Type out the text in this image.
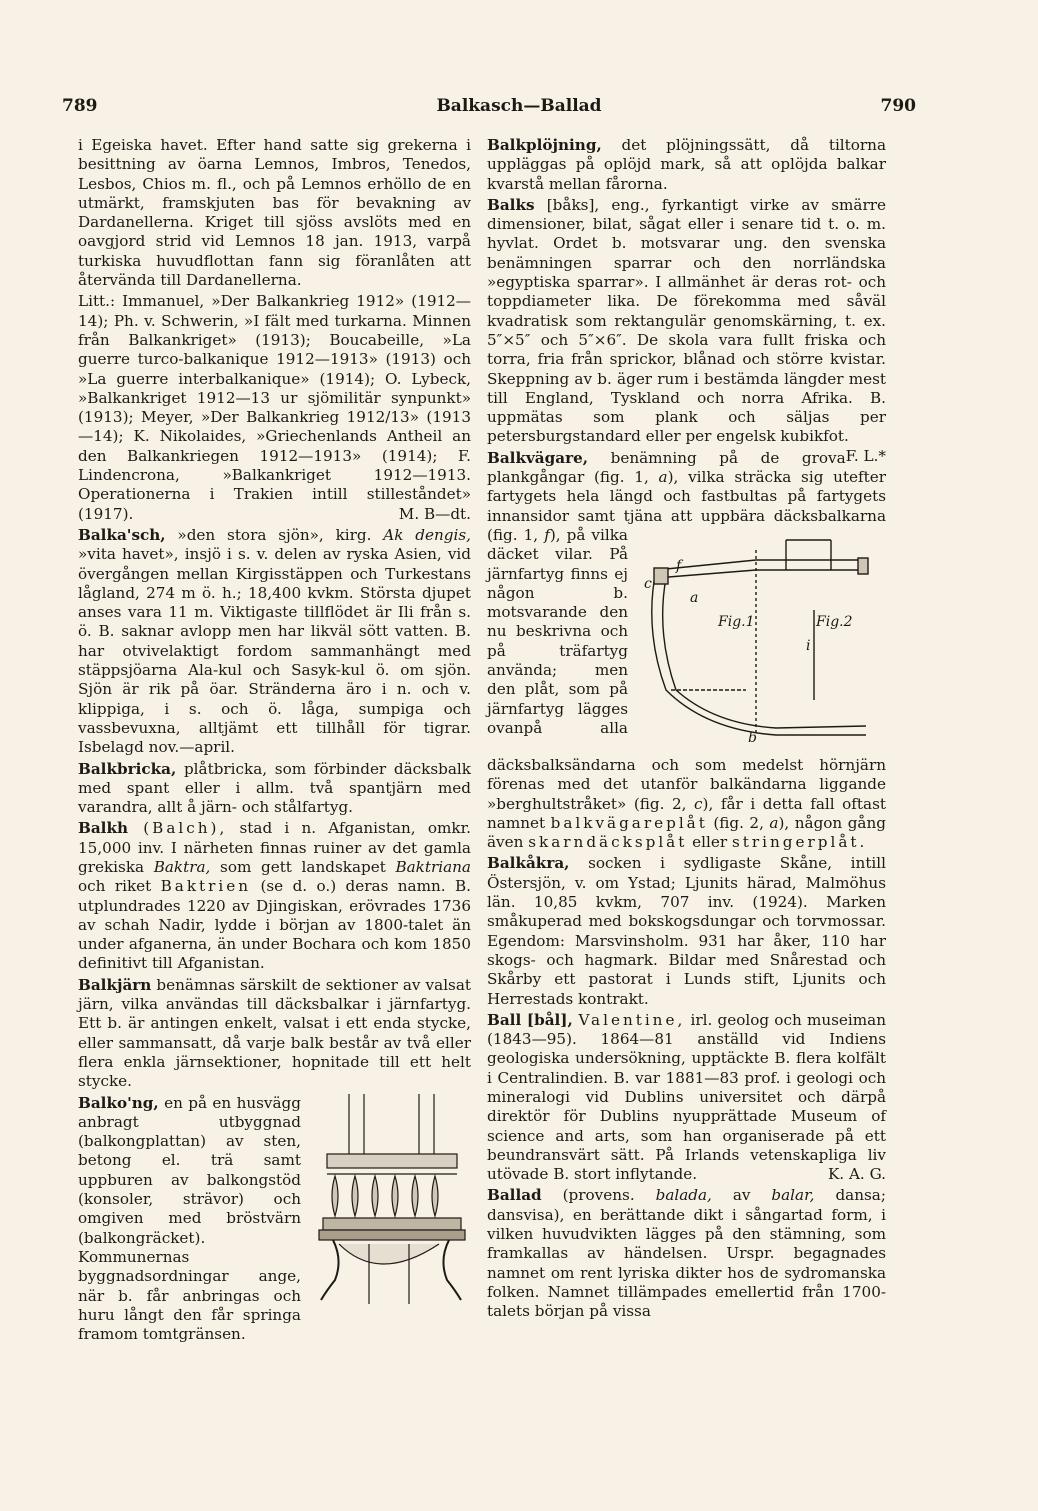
789	Balkasch—Ballad	790

i Egeiska havet. Efter hand satte sig grekerna i besittning av öarna Lemnos, Imbros, Tenedos, Lesbos, Chios m. fl., och på Lemnos erhöllo de en utmärkt, framskjuten bas för bevakning av Dardanellerna. Kriget till sjöss avslöts med en oavgjord strid vid Lemnos 18 jan. 1913, varpå turkiska huvudflottan fann sig föranlåten att återvända till Dardanellerna.

Litt.: Immanuel, »Der Balkankrieg 1912» (1912—14); Ph. v. Schwerin, »I fält med turkarna. Minnen från Balkankriget» (1913); Boucabeille, »La guerre turco-balkanique 1912—1913» (1913) och »La guerre interbalkanique» (1914); O. Lybeck, »Balkankriget 1912—13 ur sjömilitär synpunkt» (1913); Meyer, »Der Balkankrieg 1912/13» (1913—14); K. Nikolaides, »Griechenlands Antheil an den Balkankriegen 1912—1913» (1914); F. Lindencrona, »Balkankriget 1912—1913. Operationerna i Trakien intill stilleståndet» (1917).	M. B—dt.

Balka'sch, »den stora sjön», kirg. Ak dengis, »vita havet», insjö i s. v. delen av ryska Asien, vid övergången mellan Kirgisstäppen och Turkestans lågland, 274 m ö. h.; 18,400 kvkm. Största djupet anses vara 11 m. Viktigaste tillflödet är Ili från s. ö. B. saknar avlopp men har likväl sött vatten. B. har otvivelaktigt fordom sammanhängt med stäppsjöarna Ala-kul och Sasyk-kul ö. om sjön. Sjön är rik på öar. Stränderna äro i n. och v. klippiga, i s. och ö. låga, sumpiga och vassbevuxna, alltjämt ett tillhåll för tigrar. Isbelagd nov.—april.

Balkbricka, plåtbricka, som förbinder däcksbalk med spant eller i allm. två spantjärn med varandra, allt å järn- och stålfartyg.

Balkh (Balch), stad i n. Afganistan, omkr. 15,000 inv. I närheten finnas ruiner av det gamla grekiska Baktra, som gett landskapet Baktriana och riket Baktrien (se d. o.) deras namn. B. utplundrades 1220 av Djingiskan, erövrades 1736 av schah Nadir, lydde i början av 1800-talet än under afganerna, än under Bochara och kom 1850 definitivt till Afganistan.

Balkjärn benämnas särskilt de sektioner av valsat järn, vilka användas till däcksbalkar i järnfartyg. Ett b. är antingen enkelt, valsat i ett enda stycke, eller sammansatt, då varje balk består av två eller flera enkla järnsektioner, hopnitade till ett helt stycke.

Balko'ng, en på en husvägg anbragt utbyggnad (balkongplattan) av sten, betong el. trä samt uppburen av balkongstöd (konsoler, strävor) och omgiven med bröstvärn (balkongräcket). Kommunernas byggnadsordningar ange, när b. får anbringas och huru långt den får springa framom tomtgränsen.

Balkplöjning, det plöjningssätt, då tiltorna uppläggas på oplöjd mark, så att oplöjda balkar kvarstå mellan fårorna.

Balks [båks], eng., fyrkantigt virke av smärre dimensioner, bilat, sågat eller i senare tid t. o. m. hyvlat. Ordet b. motsvarar ung. den svenska benämningen sparrar och den norrländska »egyptiska sparrar». I allmänhet är deras rot- och toppdiameter lika. De förekomma med såväl kvadratisk som rektangulär genomskärning, t. ex. 5″×5″ och 5″×6″. De skola vara fullt friska och torra, fria från sprickor, blånad och större kvistar. Skeppning av b. äger rum i bestämda längder mest till England, Tyskland och norra Afrika. B. uppmätas som plank och säljas per petersburgstandard eller per engelsk kubikfot.
F. L.*

Balkvägare, benämning på de grova plankgångar (fig. 1, a), vilka sträcka sig utefter fartygets hela längd och fastbultas på fartygets innansidor samt tjäna att uppbära däcksbalkarna (fig. 1,
Fig.1	Fig.2
a
c
f
i
b
f), på vilka däcket vilar. På järnfartyg finns ej någon b. motsvarande den nu beskrivna och på träfartyg använda; men den plåt, som på järnfartyg lägges ovanpå alla däcksbalksändarna och som medelst hörnjärn förenas med det utanför balkändarna liggande »berghultstråket» (fig. 2, c), får i detta fall oftast namnet balkvägareplåt (fig. 2, a), någon gång även skarndäcksplåt eller stringerplåt.

Balkåkra, socken i sydligaste Skåne, intill Östersjön, v. om Ystad; Ljunits härad, Malmöhus län. 10,85 kvkm, 707 inv. (1924). Marken småkuperad med bokskogsdungar och torvmossar. Egendom: Marsvinsholm. 931 har åker, 110 har skogs- och hagmark. Bildar med Snårestad och Skårby ett pastorat i Lunds stift, Ljunits och Herrestads kontrakt.

Ball [bål], Valentine, irl. geolog och museiman (1843—95). 1864—81 anställd vid Indiens geologiska undersökning, upptäckte B. flera kolfält i Centralindien. B. var 1881—83 prof. i geologi och mineralogi vid Dublins universitet och därpå direktör för Dublins nyupprättade Museum of science and arts, som han organiserade på ett beundransvärt sätt. På Irlands vetenskapliga liv utövade B. stort inflytande.	K. A. G.

Ballad (provens. balada, av balar, dansa; dansvisa), en berättande dikt i sångartad form, i vilken huvudvikten lägges på den stämning, som framkallas av händelsen. Urspr. begagnades namnet om rent lyriska dikter hos de sydromanska folken. Namnet tillämpades emellertid från 1700-talets början på vissa
